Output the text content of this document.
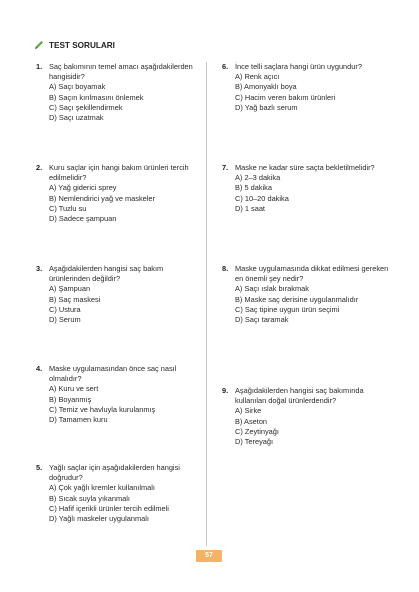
TEST SORULARI
1. Saç bakımının temel amacı aşağıdakilerden hangisidir?
A) Saçı boyamak
B) Saçın kırılmasını önlemek
C) Saçı şekillendirmek
D) Saçı uzatmak
2. Kuru saçlar için hangi bakım ürünleri tercih edilmelidir?
A) Yağ giderici sprey
B) Nemlendirici yağ ve maskeler
C) Tuzlu su
D) Sadece şampuan
3. Aşağıdakilerden hangisi saç bakım ürünlerinden değildir?
A) Şampuan
B) Saç maskesi
C) Ustura
D) Serum
4. Maske uygulamasından önce saç nasıl olmalıdır?
A) Kuru ve sert
B) Boyanmış
C) Temiz ve havluyla kurulanmış
D) Tamamen kuru
5. Yağlı saçlar için aşağıdakilerden hangisi doğrudur?
A) Çok yağlı kremler kullanılmalı
B) Sıcak suyla yıkanmalı
C) Hafif içerikli ürünler tercih edilmeli
D) Yağlı maskeler uygulanmalı
6. İnce telli saçlara hangi ürün uygundur?
A) Renk açıcı
B) Amonyaklı boya
C) Hacim veren bakım ürünleri
D) Yağ bazlı serum
7. Maske ne kadar süre saçta bekletilmelidir?
A) 2–3 dakika
B) 5 dakika
C) 10–20 dakika
D) 1 saat
8. Maske uygulamasında dikkat edilmesi gereken en önemli şey nedir?
A) Saçı ıslak bırakmak
B) Maske saç derisine uygulanmalıdır
C) Saç tipine uygun ürün seçimi
D) Saçı taramak
9. Aşağıdakilerden hangisi saç bakımında kullanılan doğal ürünlerdendir?
A) Sirke
B) Aseton
C) Zeytinyağı
D) Tereyağı
57
